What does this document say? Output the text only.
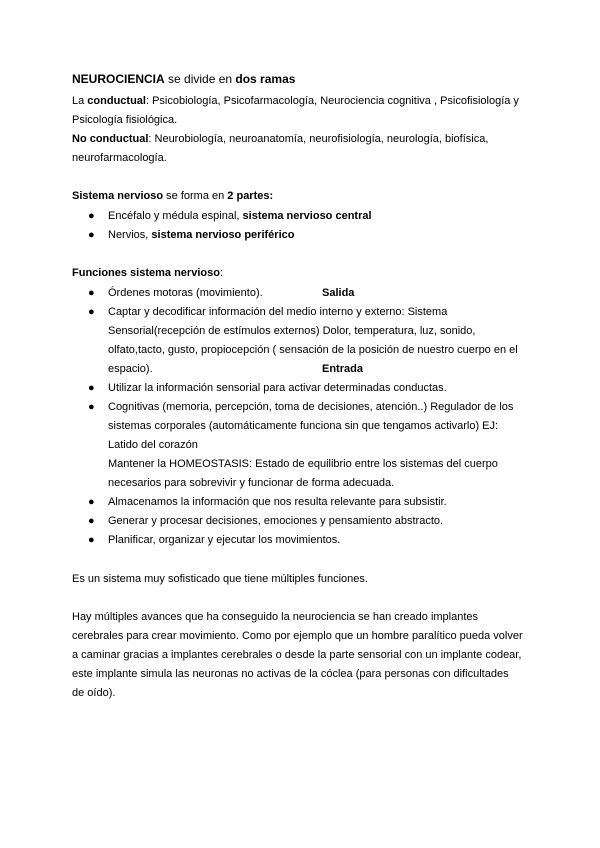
NEUROCIENCIA se divide en dos ramas
La conductual: Psicobiología, Psicofarmacología, Neurociencia cognitiva , Psicofisiología y
Psicología fisiológica.
No conductual: Neurobiología, neuroanatomía, neurofisiología, neurología, biofísica,
neurofarmacología.
Sistema nervioso se forma en 2 partes:
● Encéfalo y médula espinal, sistema nervioso central
● Nervios, sistema nervioso periférico
Funciones sistema nervioso:
● Órdenes motoras (movimiento).	Salida
● Captar y decodificar información del medio interno y externo: Sistema
Sensorial(recepción de estímulos externos) Dolor, temperatura, luz, sonido,
olfato,tacto, gusto, propiocepción ( sensación de la posición de nuestro cuerpo en el
espacio).	Entrada
● Utilizar la información sensorial para activar determinadas conductas.
● Cognitivas (memoria, percepción, toma de decisiones, atención..) Regulador de los
sistemas corporales (automáticamente funciona sin que tengamos activarlo) EJ:
Latido del corazón
Mantener la HOMEOSTASIS: Estado de equilibrio entre los sistemas del cuerpo
necesarios para sobrevivir y funcionar de forma adecuada.
● Almacenamos la información que nos resulta relevante para subsistir.
● Generar y procesar decisiones, emociones y pensamiento abstracto.
● Planificar, organizar y ejecutar los movimientos.
Es un sistema muy sofisticado que tiene múltiples funciones.
Hay múltiples avances que ha conseguido la neurociencia se han creado implantes
cerebrales para crear movimiento. Como por ejemplo que un hombre paralítico pueda volver
a caminar gracias a implantes cerebrales o desde la parte sensorial con un implante codear,
este implante simula las neuronas no activas de la cóclea (para personas con dificultades
de oído).
